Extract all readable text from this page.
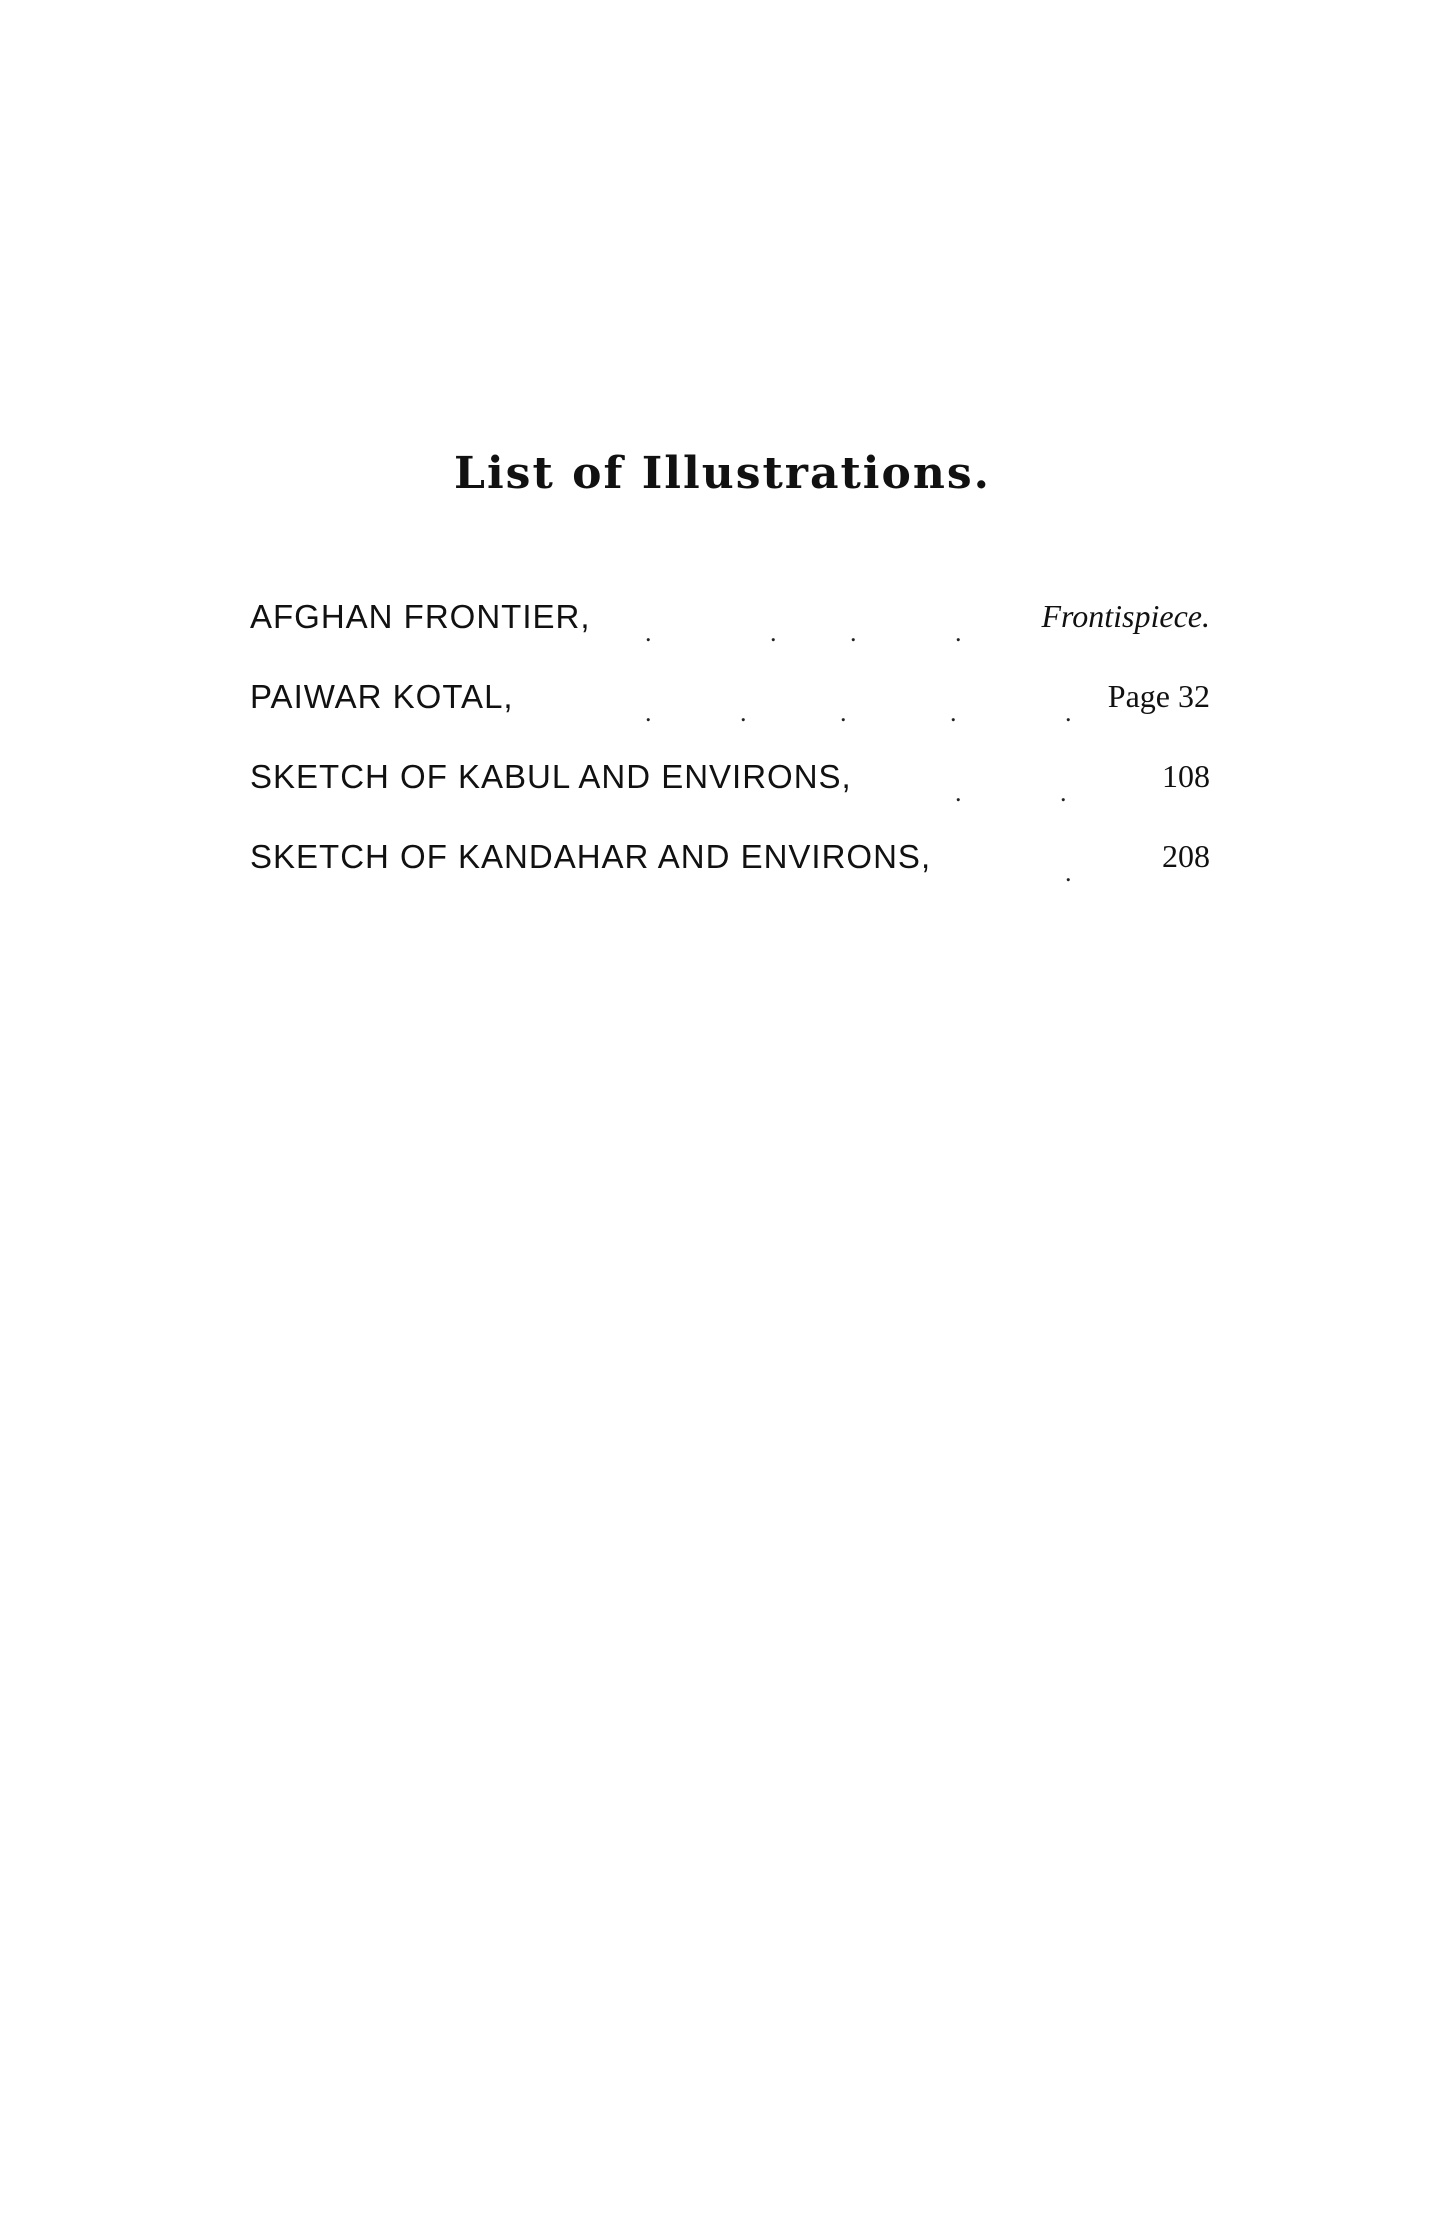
List of Illustrations.
AFGHAN FRONTIER, .	.	.	. Frontispiece.
PAIWAR KOTAL,	.	.	.	.	. Page 32
SKETCH OF KABUL AND ENVIRONS,	.	.	108
SKETCH OF KANDAHAR AND ENVIRONS,	.	208
